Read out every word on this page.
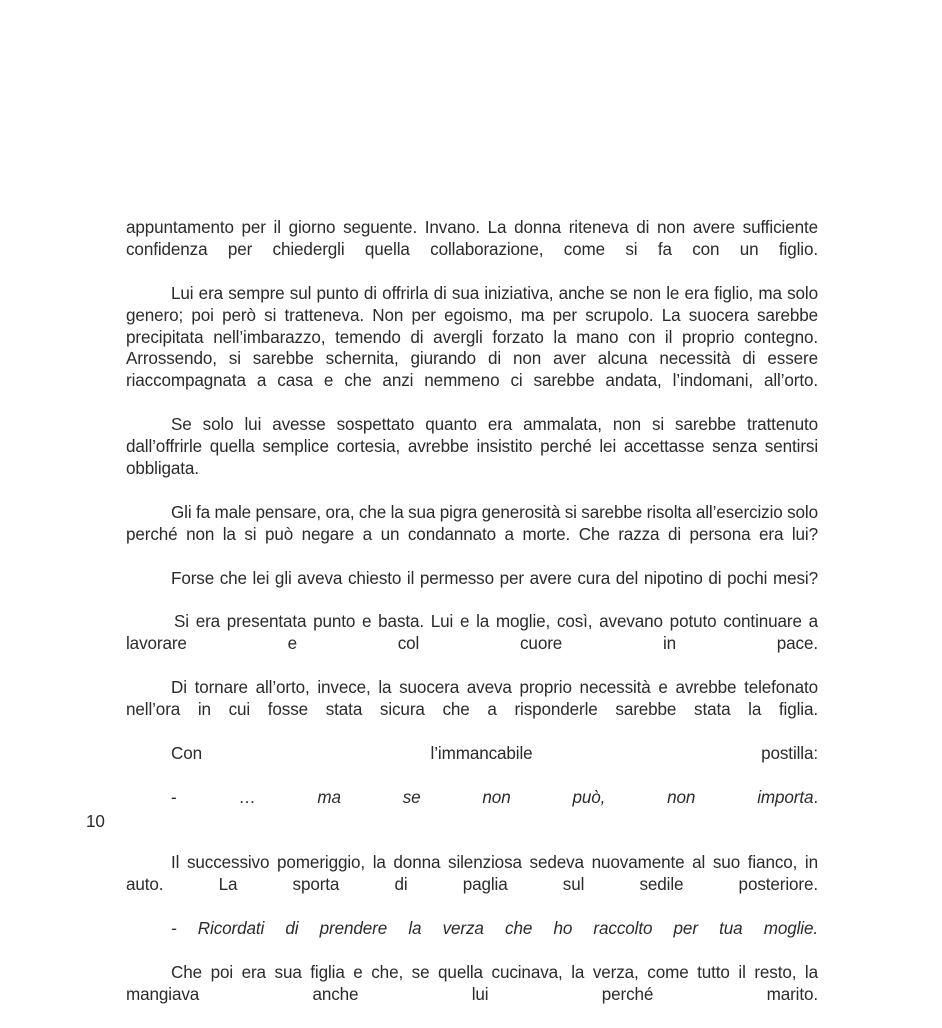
appuntamento per il giorno seguente. Invano. La donna riteneva di non avere sufficiente confidenza per chiedergli quella collaborazione, come si fa con un figlio.

Lui era sempre sul punto di offrirla di sua iniziativa, anche se non le era figlio, ma solo genero; poi però si tratteneva. Non per egoismo, ma per scrupolo. La suocera sarebbe precipitata nell’imbarazzo, temendo di avergli forzato la mano con il proprio contegno. Arrossendo, si sarebbe schernita, giurando di non aver alcuna necessità di essere riaccompagnata a casa e che anzi nemmeno ci sarebbe andata, l’indomani, all’orto.

Se solo lui avesse sospettato quanto era ammalata, non si sarebbe trattenuto dall’offrirle quella semplice cortesia, avrebbe insistito perché lei accettasse senza sentirsi obbligata.

Gli fa male pensare, ora, che la sua pigra generosità si sarebbe risolta all’esercizio solo perché non la si può negare a un condannato a morte. Che razza di persona era lui?

Forse che lei gli aveva chiesto il permesso per avere cura del nipotino di pochi mesi?

Si era presentata punto e basta. Lui e la moglie, così, avevano potuto continuare a lavorare e col cuore in pace.

Di tornare all’orto, invece, la suocera aveva proprio necessità e avrebbe telefonato nell’ora in cui fosse stata sicura che a risponderle sarebbe stata la figlia.

Con l’immancabile postilla:

- … ma se non può, non importa.

Il successivo pomeriggio, la donna silenziosa sedeva nuovamente al suo fianco, in auto. La sporta di paglia sul sedile posteriore.

- Ricordati di prendere la verza che ho raccolto per tua moglie.

Che poi era sua figlia e che, se quella cucinava, la verza, come tutto il resto, la mangiava anche lui perché marito.

10
